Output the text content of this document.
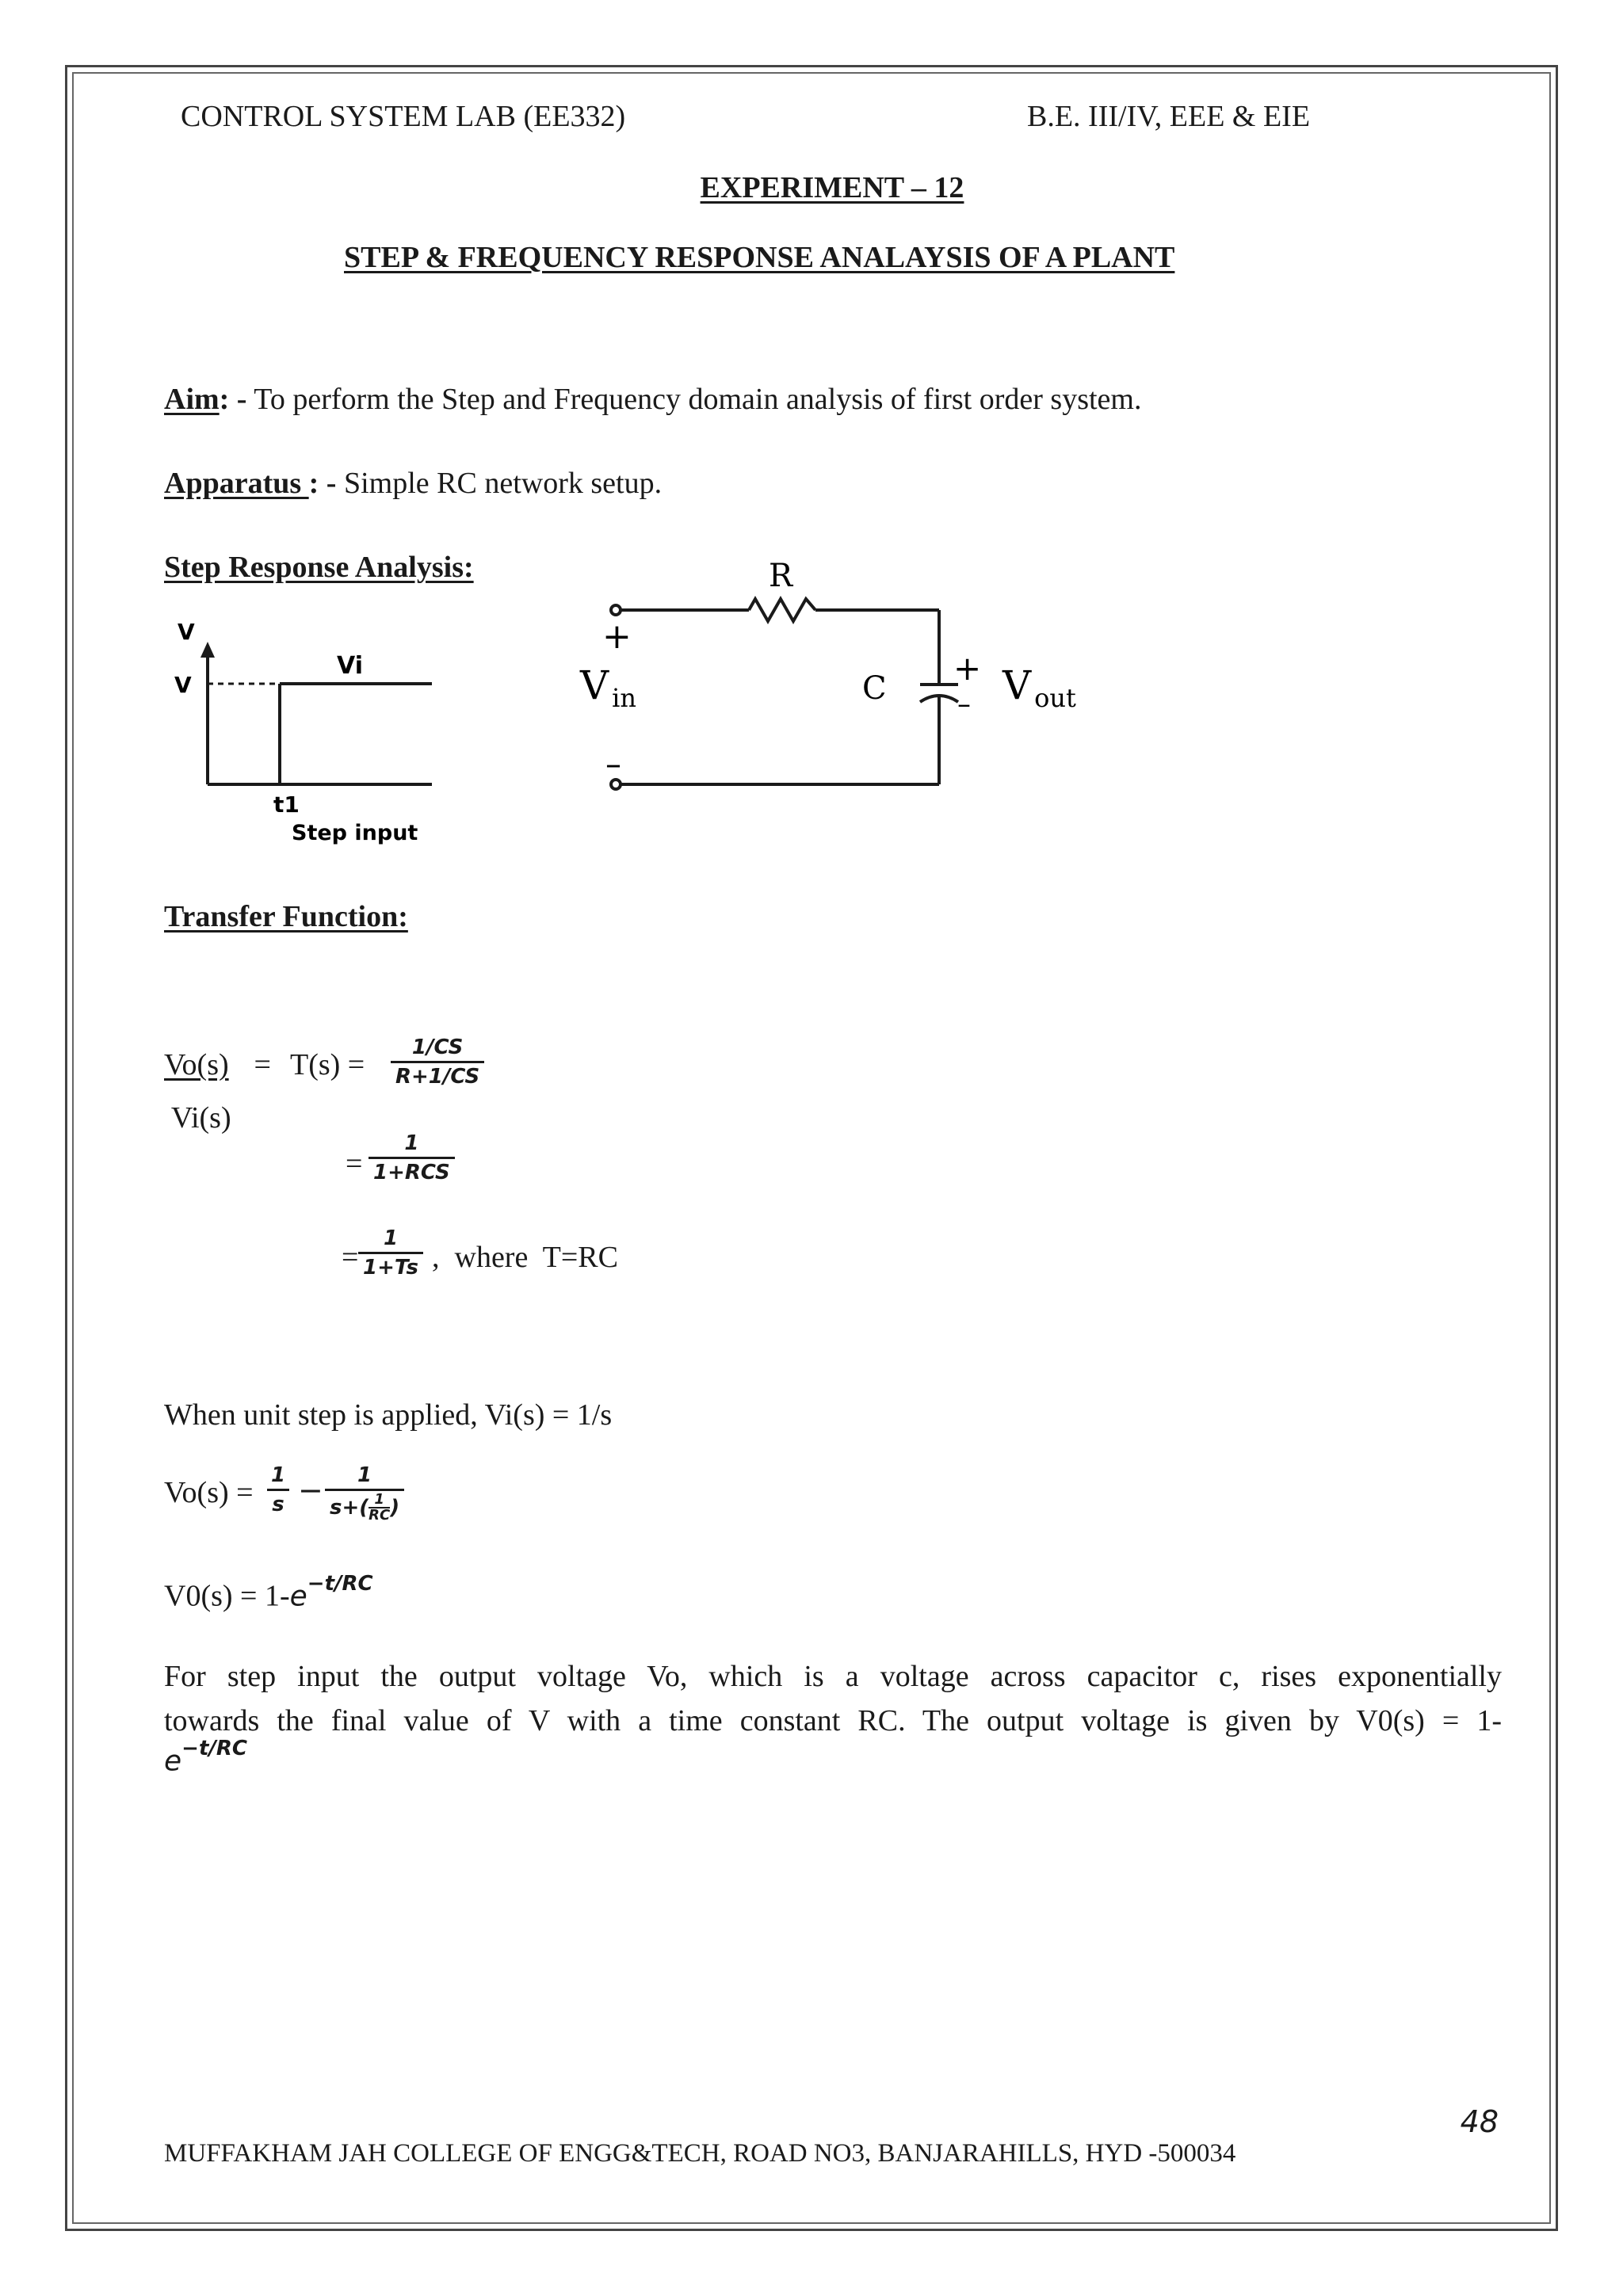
CONTROL SYSTEM LAB (EE332)	B.E. III/IV, EEE & EIE
EXPERIMENT – 12
STEP & FREQUENCY RESPONSE ANALAYSIS OF A PLANT
Aim: - To perform the Step and Frequency domain analysis of first order system.
Apparatus : - Simple RC network setup.
Step Response Analysis:
V
V
Vi
t1
Step input
R
C
+
–
+
–
V $_{in}$	V $_{out}$
Transfer Function:
Vo(s) = T(s) =
Vi(s)
$\frac{1/CS}{R+1/CS}$
=
1
1+RCS
= $\frac{1}{1+Ts}$ ,  where  T=RC
When unit step is applied, Vi(s) = 1/s
$Vo(s) = \frac{1}{s} - \frac{1}{s+( \frac{1}{RC} )}$
$V0(s) = 1-e^{-t/RC}$
For step input the output voltage Vo, which is a voltage across capacitor c, rises exponentially
towards the final value of V with a time constant RC. The output voltage is given by V0(s) = 1-
$e^{-t/RC}$
48
MUFFAKHAM JAH COLLEGE OF ENGG&TECH, ROAD NO3, BANJARAHILLS, HYD -500034
